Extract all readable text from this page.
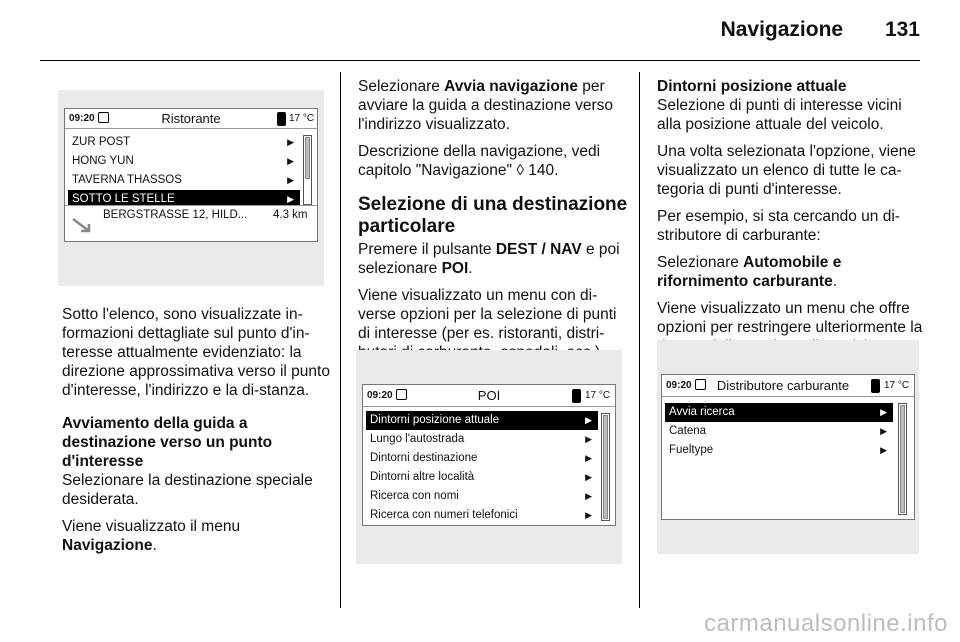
Navigazione 131
09:20	Ristorante	17 °C
ZUR POST	▶
HONG YUN	▶
TAVERNA THASSOS	▶
SOTTO LE STELLE	▶
BERGSTRASSE 12, HILD... 4.3 km

Sotto l'elenco, sono visualizzate in-formazioni dettagliate sul punto d'in-teresse attualmente evidenziato: la direzione approssimativa verso il punto d'interesse, l'indirizzo e la di-stanza.

Avviamento della guida a
destinazione verso un punto
d'interesse

Selezionare la destinazione speciale desiderata.

Viene visualizzato il menu
Navigazione.

Selezionare Avvia navigazione per avviare la guida a destinazione verso l'indirizzo visualizzato.

Descrizione della navigazione, vedi capitolo "Navigazione" ◊ 140.

Selezione di una destinazione
particolare

Premere il pulsante DEST / NAV e poi selezionare POI.

Viene visualizzato un menu con di-verse opzioni per la selezione di punti di interesse (per es. ristoranti, distri-

09:20	POI	17 °C
Dintorni posizione attuale	▶
Lungo l'autostrada	▶
Dintorni destinazione	▶
Dintorni altre località	▶
Ricerca con nomi	▶
Ricerca con numeri telefonici	▶
Dintorni posizione attuale

Selezione di punti di interesse vicini alla posizione attuale del veicolo.

Una volta selezionata l'opzione, viene visualizzato un elenco di tutte le ca-tegoria di punti d'interesse.

Per esempio, si sta cercando un di-stributore di carburante:

Selezionare Automobile e
rifornimento carburante.

Viene visualizzato un menu che offre opzioni per restringere ulteriormente la

09:20	Distributore carburante	17 °C
Avvia ricerca	▶
Catena	▶
Fueltype	▶
carmanualsonline.info
